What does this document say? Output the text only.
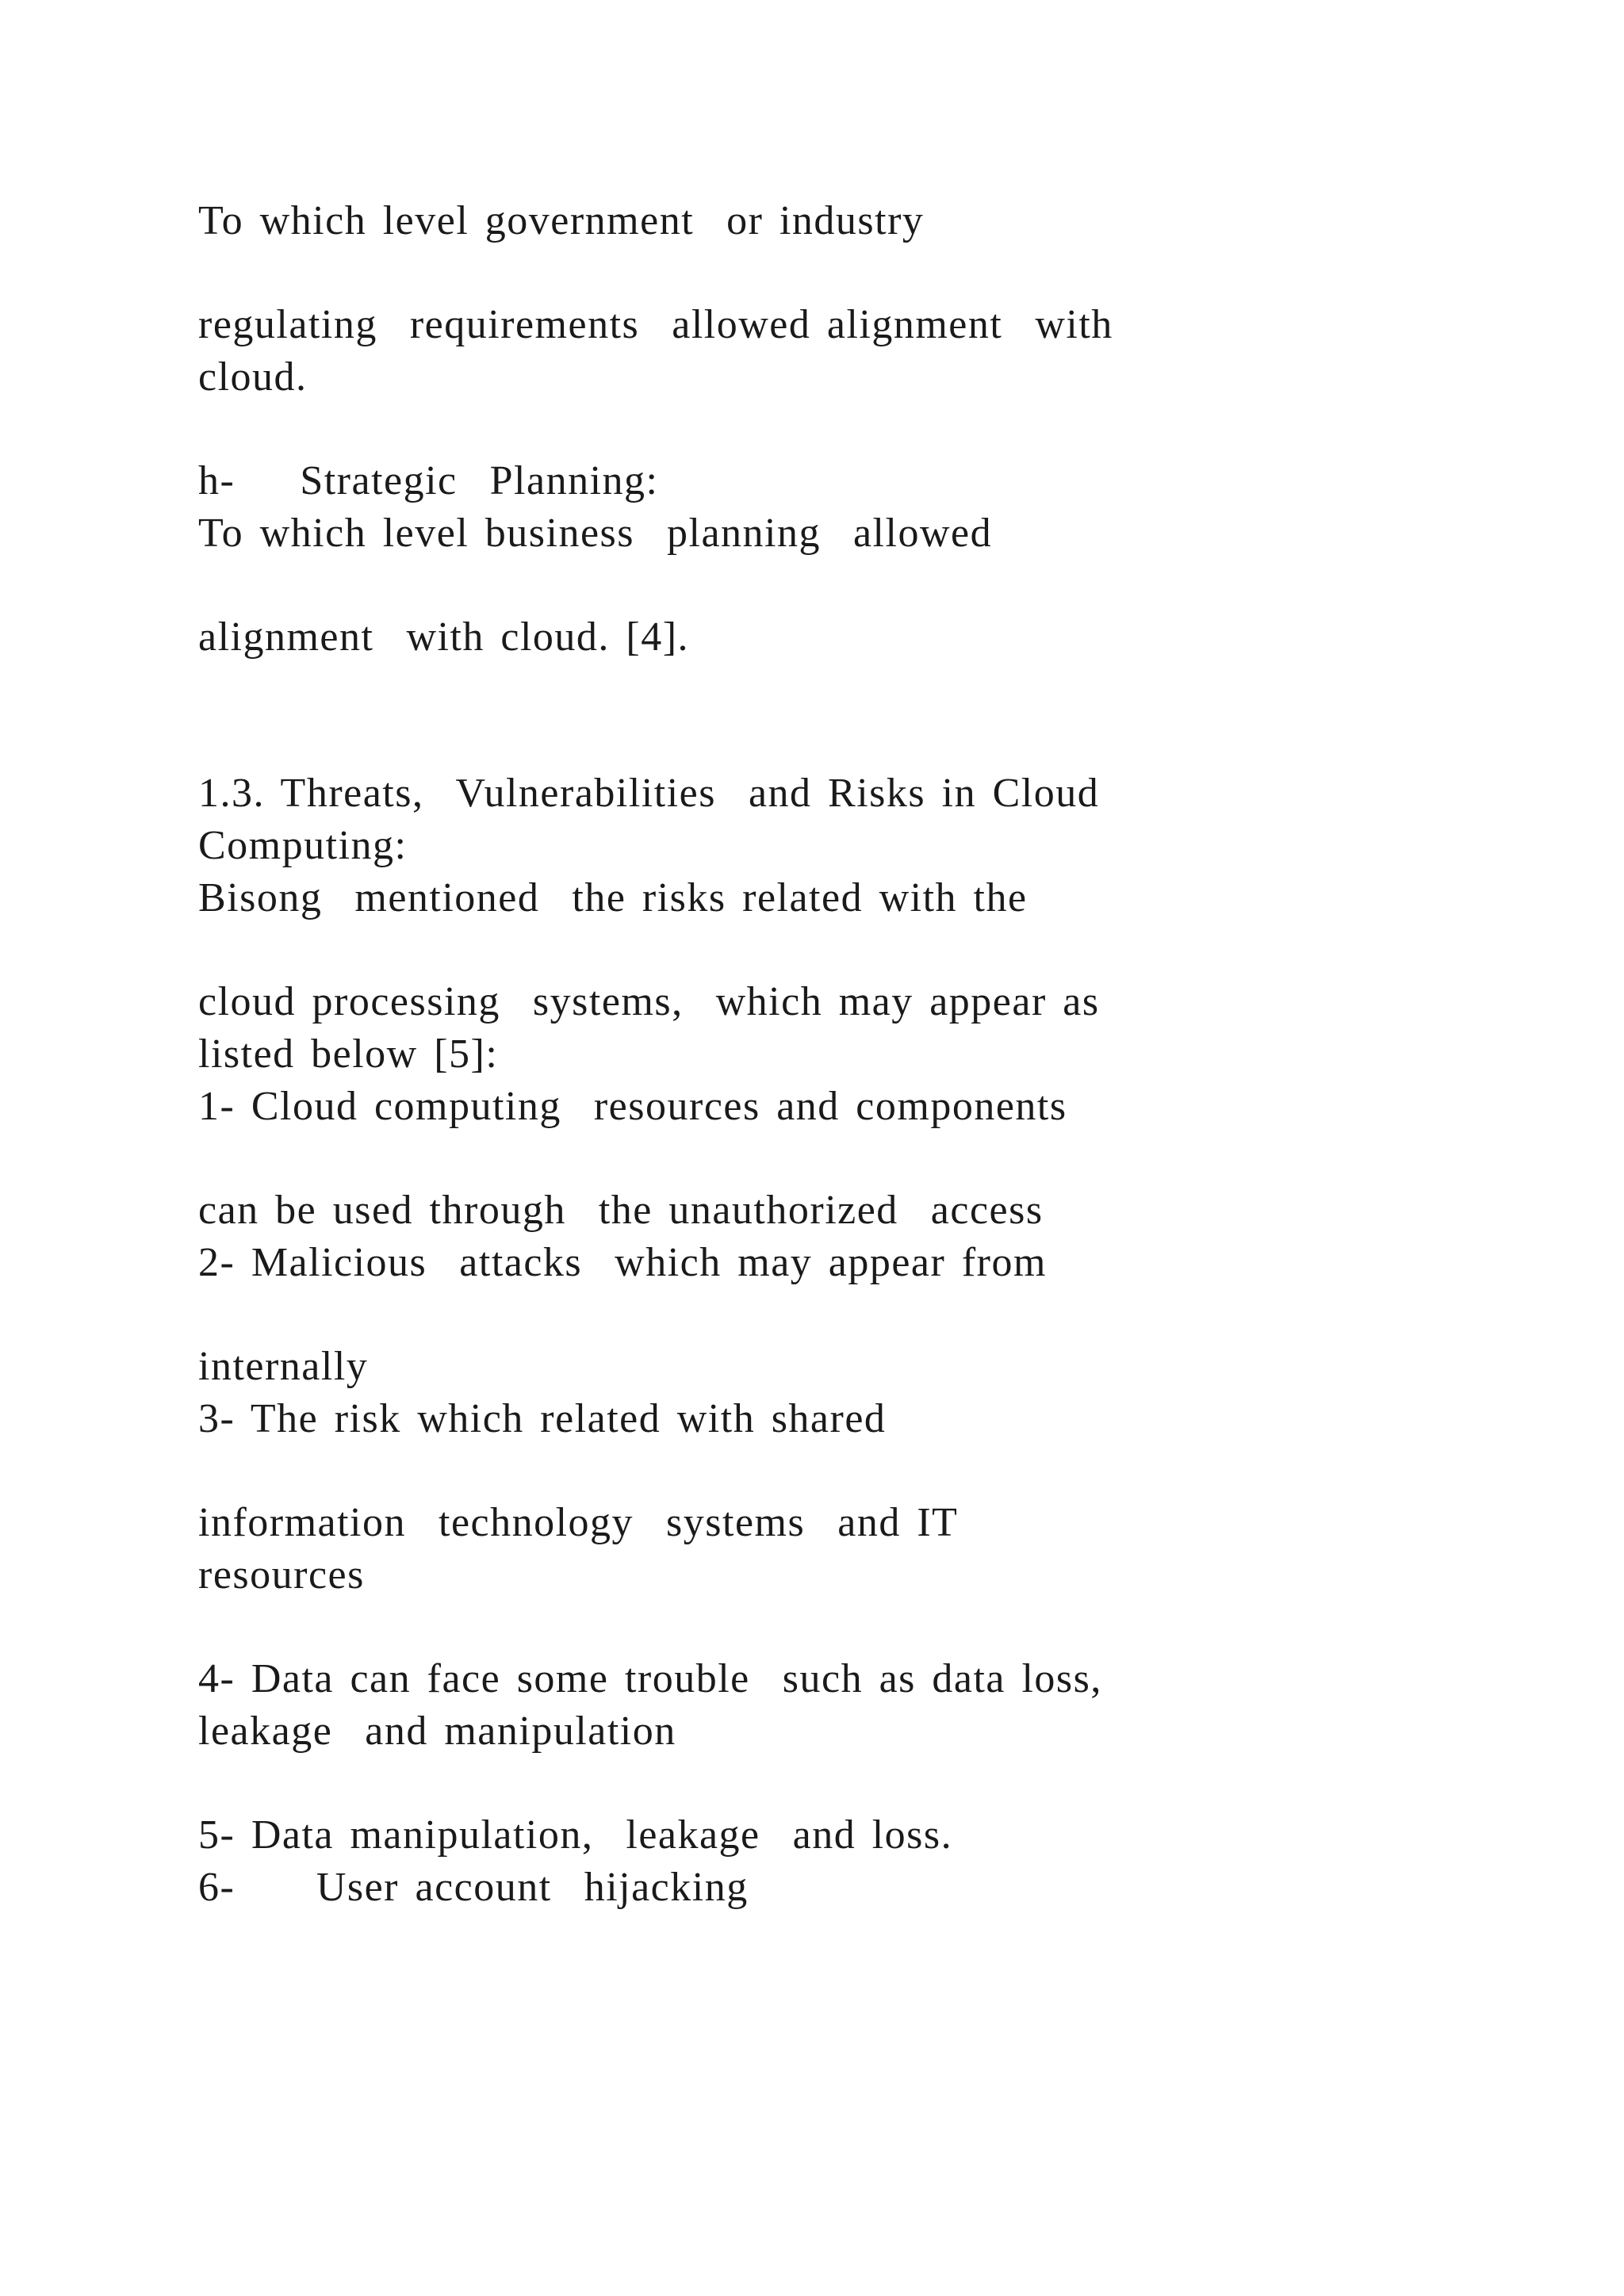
To which level government  or industry

regulating  requirements  allowed alignment  with

cloud.

h-    Strategic  Planning:

To which level business  planning  allowed

alignment  with cloud. [4].

1.3. Threats,  Vulnerabilities  and Risks in Cloud

Computing:

Bisong  mentioned  the risks related with the

cloud processing  systems,  which may appear as

listed below [5]:

1- Cloud computing  resources and components

can be used through  the unauthorized  access

2- Malicious  attacks  which may appear from

internally

3- The risk which related with shared

information  technology  systems  and IT

resources

4- Data can face some trouble  such as data loss,

leakage  and manipulation

5- Data manipulation,  leakage  and loss.

6-     User account  hijacking
